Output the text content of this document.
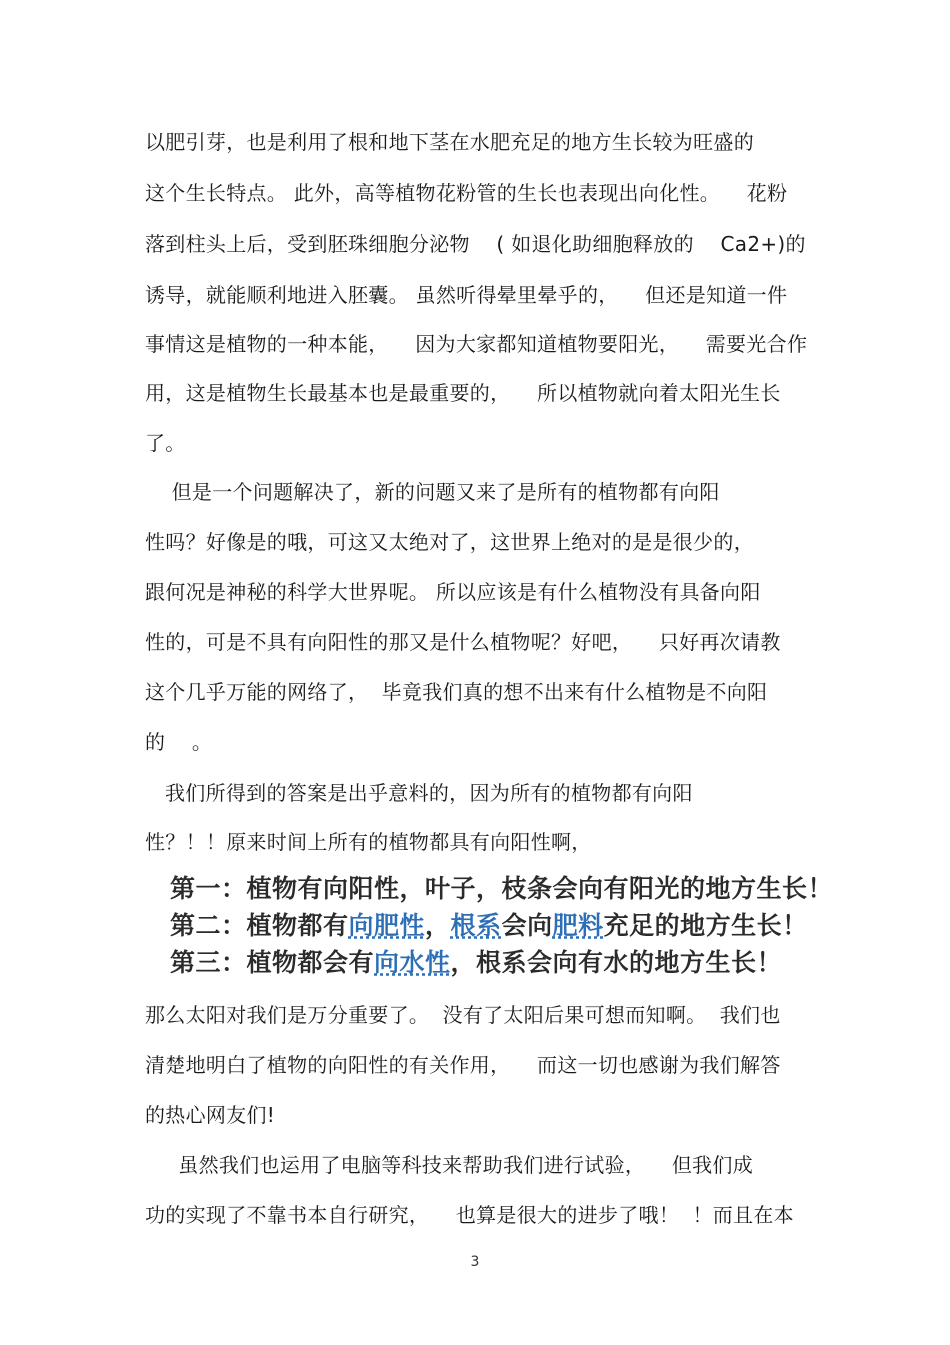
以肥引芽，也是利用了根和地下茎在水肥充足的地方生长较为旺盛的
这个生长特点。 此外，高等植物花粉管的生长也表现出向化性。    花粉
落到柱头上后，受到胚珠细胞分泌物    ( 如退化助细胞释放的    Ca2+)的
诱导，就能顺利地进入胚囊。 虽然听得晕里晕乎的，    但还是知道一件
事情这是植物的一种本能，    因为大家都知道植物要阳光，    需要光合作
用，这是植物生长最基本也是最重要的，    所以植物就向着太阳光生长
了。
但是一个问题解决了，新的问题又来了是所有的植物都有向阳
性吗？好像是的哦，可这又太绝对了，这世界上绝对的是是很少的，
跟何况是神秘的科学大世界呢。 所以应该是有什么植物没有具备向阳
性的，可是不具有向阳性的那又是什么植物呢？好吧，    只好再次请教
这个几乎万能的网络了，  毕竟我们真的想不出来有什么植物是不向阳
的    。
我们所得到的答案是出乎意料的，因为所有的植物都有向阳
性？！！原来时间上所有的植物都具有向阳性啊，
第一：植物有向阳性，叶子，枝条会向有阳光的地方生长！
第二：植物都有向肥性，根系会向肥料充足的地方生长！
第三：植物都会有向水性，根系会向有水的地方生长！
那么太阳对我们是万分重要了。  没有了太阳后果可想而知啊。  我们也
清楚地明白了植物的向阳性的有关作用，    而这一切也感谢为我们解答
的热心网友们!
虽然我们也运用了电脑等科技来帮助我们进行试验，    但我们成
功的实现了不靠书本自行研究，    也算是很大的进步了哦！  ！而且在本
3
